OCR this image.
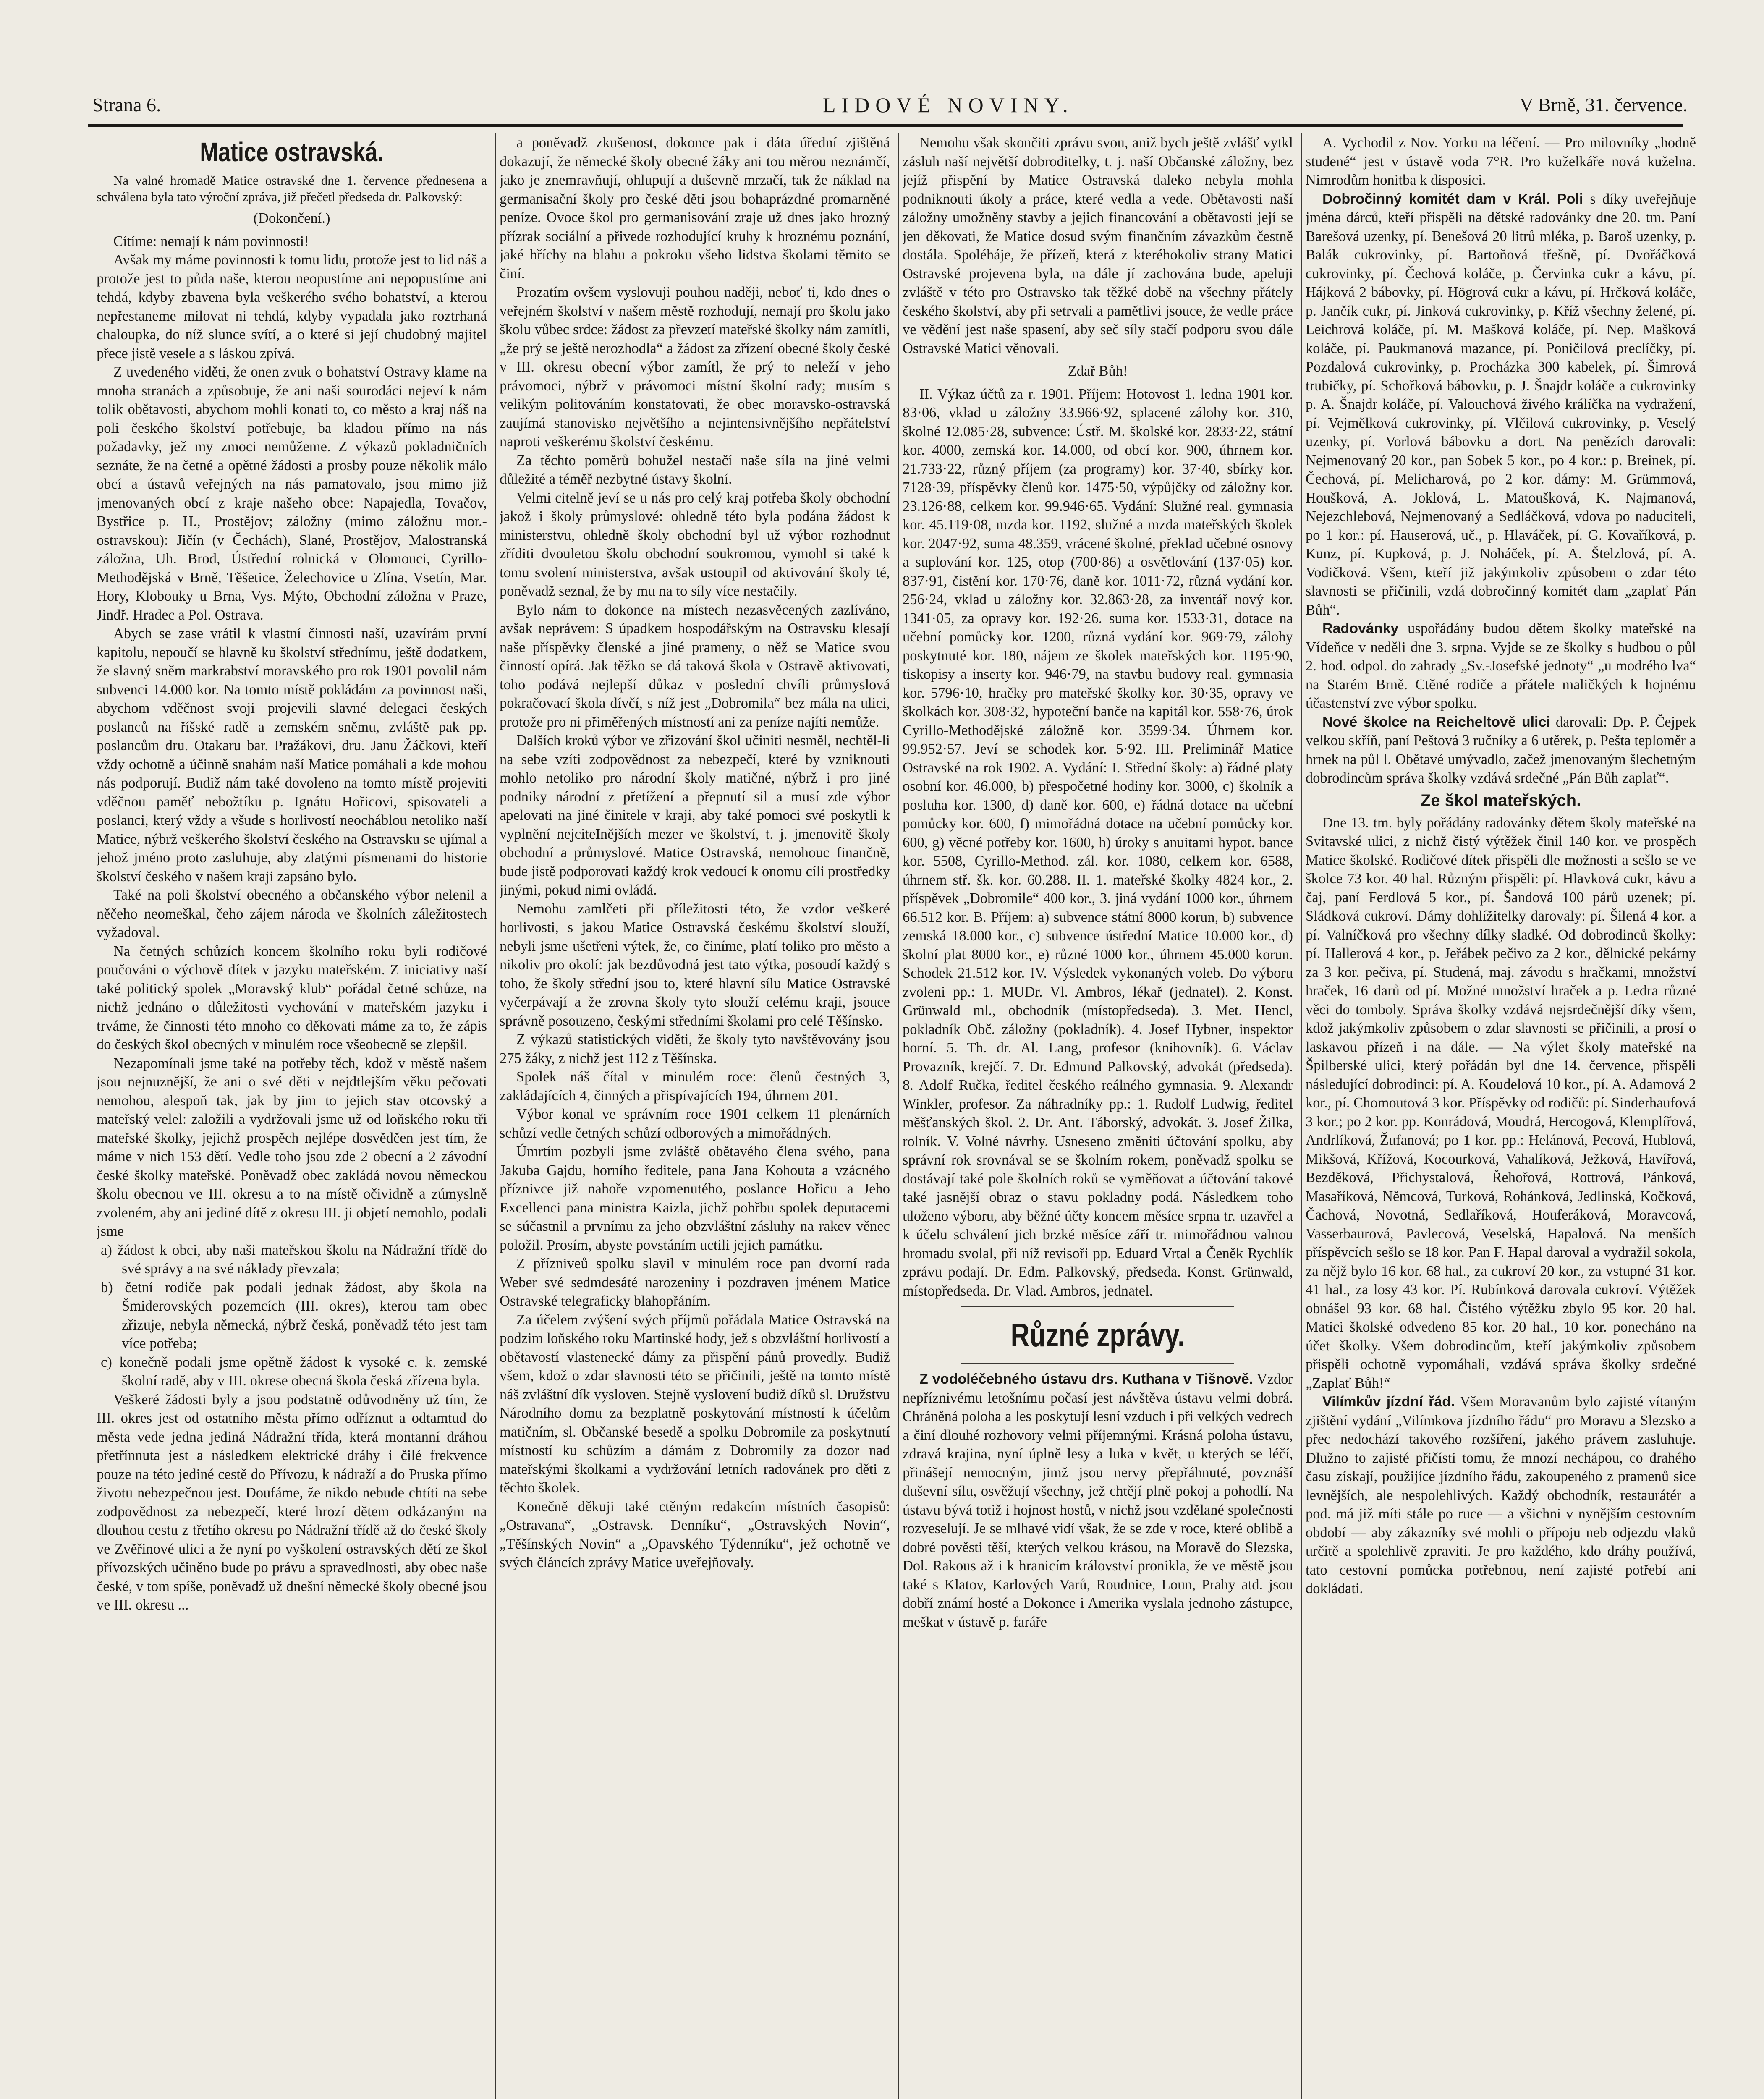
Strana 6.	LIDOVÉ NOVINY.	V Brně, 31. července.
Matice ostravská.

Na valné hromadě Matice ostravské dne 1. července přednesena a schválena byla tato výroční zpráva, již přečetl předseda dr. Palkovský:

(Dokončení.)

Cítíme: nemají k nám povinnosti!

Avšak my máme povinnosti k tomu lidu, protože jest to lid náš a protože jest to půda naše, kterou neopustíme ani nepopustíme ani tehdá, kdyby zbavena byla veškerého svého bohatství, a kterou nepřestaneme milovat ni tehdá, kdyby vypadala jako roztrhaná chaloupka, do níž slunce svítí, a o které si její chudobný majitel přece jistě vesele a s láskou zpívá.

Z uvedeného viděti, že onen zvuk o bohatství Ostravy klame na mnoha stranách a způsobuje, že ani naši sourodáci nejeví k nám tolik obětavosti, abychom mohli konati to, co město a kraj náš na poli českého školství potřebuje, ba kladou přímo na nás požadavky, jež my zmoci nemůžeme. Z výkazů pokladničních seznáte, že na četné a opětné žádosti a prosby pouze několik málo obcí a ústavů veřejných na nás pamatovalo, jsou mimo již jmenovaných obcí z kraje našeho obce: Napajedla, Tovačov, Bystřice p. H., Prostějov; záložny (mimo záložnu mor.-ostravskou): Jičín (v Čechách), Slané, Prostějov, Malostranská záložna, Uh. Brod, Ústřední rolnická v Olomouci, Cyrillo-Methodějská v Brně, Těšetice, Želechovice u Zlína, Vsetín, Mar. Hory, Klobouky u Brna, Vys. Mýto, Obchodní záložna v Praze, Jindř. Hradec a Pol. Ostrava.

Abych se zase vrátil k vlastní činnosti naší, uzavírám první kapitolu, nepoučí se hlavně ku školství střednímu, ještě dodatkem, že slavný sněm markrabství moravského pro rok 1901 povolil nám subvenci 14.000 kor. Na tomto místě pokládám za povinnost naši, abychom vděčnost svoji projevili slavné delegaci českých poslanců na říšské radě a zemském sněmu, zvláště pak pp. poslancům dru. Otakaru bar. Pražákovi, dru. Janu Žáčkovi, kteří vždy ochotně a účinně snahám naší Matice pomáhali a kde mohou nás podporují. Budiž nám také dovoleno na tomto místě projeviti vděčnou paměť nebožtíku p. Ignátu Hořicovi, spisovateli a poslanci, který vždy a všude s horlivostí neocháblou netoliko naší Matice, nýbrž veškerého školství českého na Ostravsku se ujímal a jehož jméno proto zasluhuje, aby zlatými písmenami do historie školství českého v našem kraji zapsáno bylo.

Také na poli školství obecného a občanského výbor nelenil a něčeho neomeškal, čeho zájem národa ve školních záležitostech vyžadoval.

Na četných schůzích koncem školního roku byli rodičové poučováni o výchově dítek v jazyku mateřském. Z iniciativy naší také politický spolek „Moravský klub“ pořádal četné schůze, na nichž jednáno o důležitosti vychování v mateřském jazyku i trváme, že činnosti této mnoho co děkovati máme za to, že zápis do českých škol obecných v minulém roce všeobecně se zlepšil.

Nezapomínali jsme také na potřeby těch, kdož v městě našem jsou nejnuznější, že ani o své děti v nejdtlejším věku pečovati nemohou, alespoň tak, jak by jim to jejich stav otcovský a mateřský velel: založili a vydržovali jsme už od loňského roku tři mateřské školky, jejichž prospěch nejlépe dosvědčen jest tím, že máme v nich 153 dětí. Vedle toho jsou zde 2 obecní a 2 závodní české školky mateřské. Poněvadž obec zakládá novou německou školu obecnou ve III. okresu a to na místě očividně a zúmyslně zvoleném, aby ani jediné dítě z okresu III. ji objetí nemohlo, podali jsme

a) žádost k obci, aby naši mateřskou školu na Nádražní třídě do své správy a na své náklady převzala;

b) četní rodiče pak podali jednak žádost, aby škola na Šmiderovských pozemcích (III. okres), kterou tam obec zřizuje, nebyla německá, nýbrž česká, poněvadž této jest tam více potřeba;

c) konečně podali jsme opětně žádost k vysoké c. k. zemské školní radě, aby v III. okrese obecná škola česká zřízena byla.

Veškeré žádosti byly a jsou podstatně odůvodněny už tím, že III. okres jest od ostatního města přímo odříznut a odtamtud do města vede jedna jediná Nádražní třída, která montanní dráhou přetřínnuta jest a následkem elektrické dráhy i čilé frekvence pouze na této jediné cestě do Přívozu, k nádraží a do Pruska přímo životu nebezpečnou jest. Doufáme, že nikdo nebude chtíti na sebe zodpovědnost za nebezpečí, které hrozí dětem odkázaným na dlouhou cestu z třetího okresu po Nádražní třídě až do české školy ve Zvěřinové ulici a že nyní po vyškolení ostravských dětí ze škol přívozských učiněno bude po právu a spravedlnosti, aby obec naše české, v tom spíše, poněvadž už dnešní německé školy obecné jsou ve III. okresu ...

a poněvadž zkušenost, dokonce pak i dáta úřední zjištěná dokazují, že německé školy obecné žáky ani tou měrou neznámčí, jako je znemravňují, ohlupují a duševně mrzačí, tak že náklad na germanisační školy pro české děti jsou bohaprázdné promarněné peníze. Ovoce škol pro germanisování zraje už dnes jako hrozný přízrak sociální a přivede rozhodující kruhy k hroznému poznání, jaké hříchy na blahu a pokroku všeho lidstva školami těmito se činí.

Prozatím ovšem vyslovuji pouhou naději, neboť ti, kdo dnes o veřejném školství v našem městě rozhodují, nemají pro školu jako školu vůbec srdce: žádost za převzetí mateřské školky nám zamítli, „že prý se ještě nerozhodla“ a žádost za zřízení obecné školy české v III. okresu obecní výbor zamítl, že prý to neleží v jeho právomoci, nýbrž v právomoci místní školní rady; musím s velikým politováním konstatovati, že obec moravsko-ostravská zaujímá stanovisko největšího a nejintensivnějšího nepřátelství naproti veškerému školství českému.

Za těchto poměrů bohužel nestačí naše síla na jiné velmi důležité a téměř nezbytné ústavy školní.

Velmi citelně jeví se u nás pro celý kraj potřeba školy obchodní jakož i školy průmyslové: ohledně této byla podána žádost k ministerstvu, ohledně školy obchodní byl už výbor rozhodnut zříditi dvouletou školu obchodní soukromou, vymohl si také k tomu svolení ministerstva, avšak ustoupil od aktivování školy té, poněvadž seznal, že by mu na to síly více nestačily.

Bylo nám to dokonce na místech nezasvěcených zazlíváno, avšak neprávem: S úpadkem hospodářským na Ostravsku klesají naše příspěvky členské a jiné prameny, o něž se Matice svou činností opírá. Jak těžko se dá taková škola v Ostravě aktivovati, toho podává nejlepší důkaz v poslední chvíli průmyslová pokračovací škola dívčí, s níž jest „Dobromila“ bez mála na ulici, protože pro ni přiměřených místností ani za peníze najíti nemůže.

Dalších kroků výbor ve zřizování škol učiniti nesměl, nechtěl-li na sebe vzíti zodpovědnost za nebezpečí, které by vzniknouti mohlo netoliko pro národní školy matičné, nýbrž i pro jiné podniky národní z přetížení a přepnutí sil a musí zde výbor apelovati na jiné činitele v kraji, aby také pomoci své poskytli k vyplnění nejciteInějších mezer ve školství, t. j. jmenovitě školy obchodní a průmyslové. Matice Ostravská, nemohouc finančně, bude jistě podporovati každý krok vedoucí k onomu cíli prostředky jinými, pokud nimi ovládá.

Nemohu zamlčeti při příležitosti této, že vzdor veškeré horlivosti, s jakou Matice Ostravská českému školství slouží, nebyli jsme ušetřeni výtek, že, co činíme, platí toliko pro město a nikoliv pro okolí: jak bezdůvodná jest tato výtka, posoudí každý s toho, že školy střední jsou to, které hlavní sílu Matice Ostravské vyčerpávají a že zrovna školy tyto slouží celému kraji, jsouce správně posouzeno, českými středními školami pro celé Těšínsko.

Z výkazů statistických viděti, že školy tyto navštěvovány jsou 275 žáky, z nichž jest 112 z Těšínska.

Spolek náš čítal v minulém roce: členů čestných 3, zakládajících 4, činných a přispívajících 194, úhrnem 201.

Výbor konal ve správním roce 1901 celkem 11 plenárních schůzí vedle četných schůzí odborových a mimořádných.

Úmrtím pozbyli jsme zvláště obětavého člena svého, pana Jakuba Gajdu, horního ředitele, pana Jana Kohouta a vzácného příznivce již nahoře vzpomenutého, poslance Hořicu a Jeho Excellenci pana ministra Kaizla, jichž pohřbu spolek deputacemi se súčastnil a prvnímu za jeho obzvláštní zásluhy na rakev věnec položil. Prosím, abyste povstáním uctili jejich památku.

Z přízniveů spolku slavil v minulém roce pan dvorní rada Weber své sedmdesáté narozeniny i pozdraven jménem Matice Ostravské telegraficky blahopřáním.

Za účelem zvýšení svých příjmů pořádala Matice Ostravská na podzim loňského roku Martinské hody, jež s obzvláštní horlivostí a obětavostí vlastenecké dámy za přispění pánů provedly. Budiž všem, kdož o zdar slavnosti této se přičinili, ještě na tomto místě náš zvláštní dík vysloven. Stejně vyslovení budiž díků sl. Družstvu Národního domu za bezplatně poskytování místností k účelům matičním, sl. Občanské besedě a spolku Dobromile za poskytnutí místností ku schůzím a dámám z Dobromily za dozor nad mateřskými školkami a vydržování letních radovánek pro děti z těchto školek.

Konečně děkuji také ctěným redakcím místních časopisů: „Ostravana“, „Ostravsk. Denníku“, „Ostravských Novin“, „Těšínských Novin“ a „Opavského Týdenníku“, jež ochotně ve svých článcích zprávy Matice uveřejňovaly.

Nemohu však skončiti zprávu svou, aniž bych ještě zvlášť vytkl zásluh naší největší dobroditelky, t. j. naší Občanské záložny, bez jejíž přispění by Matice Ostravská daleko nebyla mohla podniknouti úkoly a práce, které vedla a vede. Obětavosti naší záložny umožněny stavby a jejich financování a obětavosti její se jen děkovati, že Matice dosud svým finančním závazkům čestně dostála. Spoléháje, že přízeň, která z kteréhokoliv strany Matici Ostravské projevena byla, na dále jí zachována bude, apeluji zvláště v této pro Ostravsko tak těžké době na všechny přátely českého školství, aby při setrvali a pamětlivi jsouce, že vedle práce ve vědění jest naše spasení, aby seč síly stačí podporu svou dále Ostravské Matici věnovali.

Zdař Bůh!

II. Výkaz účtů za r. 1901. Příjem: Hotovost 1. ledna 1901 kor. 83·06, vklad u záložny 33.966·92, splacené zálohy kor. 310, školné 12.085·28, subvence: Ústř. M. školské kor. 2833·22, státní kor. 4000, zemská kor. 14.000, od obcí kor. 900, úhrnem kor. 21.733·22, různý příjem (za programy) kor. 37·40, sbírky kor. 7128·39, příspěvky členů kor. 1475·50, výpůjčky od záložny kor. 23.126·88, celkem kor. 99.946·65. Vydání: Služné real. gymnasia kor. 45.119·08, mzda kor. 1192, služné a mzda mateřských školek kor. 2047·92, suma 48.359, vrácené školné, překlad učebné osnovy a suplování kor. 125, otop (700·86) a osvětlování (137·05) kor. 837·91, čistění kor. 170·76, daně kor. 1011·72, různá vydání kor. 256·24, vklad u záložny kor. 32.863·28, za inventář nový kor. 1341·05, za opravy kor. 192·26. suma kor. 1533·31, dotace na učební pomůcky kor. 1200, různá vydání kor. 969·79, zálohy poskytnuté kor. 180, nájem ze školek mateřských kor. 1195·90, tiskopisy a inserty kor. 946·79, na stavbu budovy real. gymnasia kor. 5796·10, hračky pro mateřské školky kor. 30·35, opravy ve školkách kor. 308·32, hypoteční banče na kapitál kor. 558·76, úrok Cyrillo-Methodějské záložně kor. 3599·34. Úhrnem kor. 99.952·57. Jeví se schodek kor. 5·92. III. Preliminář Matice Ostravské na rok 1902. A. Vydání: I. Střední školy: a) řádné platy osobní kor. 46.000, b) přespočetné hodiny kor. 3000, c) školník a posluha kor. 1300, d) daně kor. 600, e) řádná dotace na učební pomůcky kor. 600, f) mimořádná dotace na učební pomůcky kor. 600, g) věcné potřeby kor. 1600, h) úroky s anuitami hypot. bance kor. 5508, Cyrillo-Method. zál. kor. 1080, celkem kor. 6588, úhrnem stř. šk. kor. 60.288. II. 1. mateřské školky 4824 kor., 2. příspěvek „Dobromile“ 400 kor., 3. jiná vydání 1000 kor., úhrnem 66.512 kor. B. Příjem: a) subvence státní 8000 korun, b) subvence zemská 18.000 kor., c) subvence ústřední Matice 10.000 kor., d) školní plat 8000 kor., e) různé 1000 kor., úhrnem 45.000 korun. Schodek 21.512 kor. IV. Výsledek vykonaných voleb. Do výboru zvoleni pp.: 1. MUDr. Vl. Ambros, lékař (jednatel). 2. Konst. Grünwald ml., obchodník (místopředseda). 3. Met. Hencl, pokladník Obč. záložny (pokladník). 4. Josef Hybner, inspektor horní. 5. Th. dr. Al. Lang, profesor (knihovník). 6. Václav Provazník, krejčí. 7. Dr. Edmund Palkovský, advokát (předseda). 8. Adolf Ručka, ředitel českého reálného gymnasia. 9. Alexandr Winkler, profesor. Za náhradníky pp.: 1. Rudolf Ludwig, ředitel měšťanských škol. 2. Dr. Ant. Táborský, advokát. 3. Josef Žilka, rolník. V. Volné návrhy. Usneseno změniti účtování spolku, aby správní rok srovnával se se školním rokem, poněvadž spolku se dostávají také pole školních roků se vyměňovat a účtování takové také jasnější obraz o stavu pokladny podá. Následkem toho uloženo výboru, aby běžné účty koncem měsíce srpna tr. uzavřel a k účelu schválení jich brzké měsíce září tr. mimořádnou valnou hromadu svolal, při níž revisoři pp. Eduard Vrtal a Čeněk Rychlík zprávu podají. Dr. Edm. Palkovský, předseda. Konst. Grünwald, místopředseda. Dr. Vlad. Ambros, jednatel.

Různé zprávy.

Z vodoléčebného ústavu drs. Kuthana v Tišnově. Vzdor nepříznivému letošnímu počasí jest návštěva ústavu velmi dobrá. Chráněná poloha a les poskytují lesní vzduch i při velkých vedrech a činí dlouhé rozhovory velmi příjemnými. Krásná poloha ústavu, zdravá krajina, nyní úplně lesy a luka v květ, u kterých se léčí, přinášejí nemocným, jimž jsou nervy přepřáhnuté, povznáší duševní sílu, osvěžují všechny, jež chtějí plně pokoj a pohodlí. Na ústavu bývá totiž i hojnost hostů, v nichž jsou vzdělané společnosti rozveselují. Je se mlhavé vidí však, že se zde v roce, které oblibě a dobré pověsti těší, kterých velkou krásou, na Moravě do Slezska, Dol. Rakous až i k hranicím království pronikla, že ve městě jsou také s Klatov, Karlových Varů, Roudnice, Loun, Prahy atd. jsou dobří známí hosté a Dokonce i Amerika vyslala jednoho zástupce, meškat v ústavě p. faráře

A. Vychodil z Nov. Yorku na léčení. — Pro milovníky „hodně studené“ jest v ústavě voda 7°R. Pro kuželkáře nová kuželna. Nimrodům honitba k disposici.

Dobročinný komitét dam v Král. Poli s díky uveřejňuje jména dárců, kteří přispěli na dětské radovánky dne 20. tm. Paní Barešová uzenky, pí. Benešová 20 litrů mléka, p. Baroš uzenky, p. Balák cukrovinky, pí. Bartoňová třešně, pí. Dvořáčková cukrovinky, pí. Čechová koláče, p. Červinka cukr a kávu, pí. Hájková 2 bábovky, pí. Högrová cukr a kávu, pí. Hrčková koláče, p. Jančík cukr, pí. Jinková cukrovinky, p. Kříž všechny želené, pí. Leichrová koláče, pí. M. Mašková koláče, pí. Nep. Mašková koláče, pí. Paukmanová mazance, pí. Poničilová preclíčky, pí. Pozdalová cukrovinky, p. Procházka 300 kabelek, pí. Šimrová trubičky, pí. Schořková bábovku, p. J. Šnajdr koláče a cukrovinky p. A. Šnajdr koláče, pí. Valouchová živého králíčka na vydražení, pí. Vejmělková cukrovinky, pí. Vlčilová cukrovinky, p. Veselý uzenky, pí. Vorlová bábovku a dort. Na penězích darovali: Nejmenovaný 20 kor., pan Sobek 5 kor., po 4 kor.: p. Breinek, pí. Čechová, pí. Melicharová, po 2 kor. dámy: M. Grümmová, Houšková, A. Joklová, L. Matoušková, K. Najmanová, Nejezchlebová, Nejmenovaný a Sedláčková, vdova po naduciteli, po 1 kor.: pí. Hauserová, uč., p. Hlaváček, pí. G. Kovaříková, p. Kunz, pí. Kupková, p. J. Noháček, pí. A. Štelzlová, pí. A. Vodičková. Všem, kteří již jakýmkoliv způsobem o zdar této slavnosti se přičinili, vzdá dobročinný komitét dam „zaplať Pán Bůh“.

Radovánky uspořádány budou dětem školky mateřské na Vídeňce v neděli dne 3. srpna. Vyjde se ze školky s hudbou o půl 2. hod. odpol. do zahrady „Sv.-Josefské jednoty“ „u modrého lva“ na Starém Brně. Ctěné rodiče a přátele maličkých k hojnému účastenství zve výbor spolku.

Nové školce na Reicheltově ulici darovali: Dp. P. Čejpek velkou skříň, paní Peštová 3 ručníky a 6 utěrek, p. Pešta teploměr a hrnek na půl l. Obětavé umývadlo, začež jmenovaným šlechetným dobrodincům správa školky vzdává srdečné „Pán Bůh zaplať“.

Ze škol mateřských.

Dne 13. tm. byly pořádány radovánky dětem školy mateřské na Svitavské ulici, z nichž čistý výtěžek činil 140 kor. ve prospěch Matice školské. Rodičové dítek přispěli dle možnosti a sešlo se ve školce 73 kor. 40 hal. Různým přispěli: pí. Hlavková cukr, kávu a čaj, paní Ferdlová 5 kor., pí. Šandová 100 párů uzenek; pí. Sládková cukroví. Dámy dohlížitelky darovaly: pí. Šilená 4 kor. a pí. Valníčková pro všechny dílky sladké. Od dobrodinců školky: pí. Hallerová 4 kor., p. Jeřábek pečivo za 2 kor., dělnické pekárny za 3 kor. pečiva, pí. Studená, maj. závodu s hračkami, množství hraček, 16 darů od pí. Možné množství hraček a p. Ledra různé věci do tomboly. Správa školky vzdává nejsrdečnější díky všem, kdož jakýmkoliv způsobem o zdar slavnosti se přičinili, a prosí o laskavou přízeň i na dále. — Na výlet školy mateřské na Špilberské ulici, který pořádán byl dne 14. července, přispěli následující dobrodinci: pí. A. Koudelová 10 kor., pí. A. Adamová 2 kor., pí. Chomoutová 3 kor. Příspěvky od rodičů: pí. Sinderhaufová 3 kor.; po 2 kor. pp. Konrádová, Moudrá, Hercogová, Klemplířová, Andrlíková, Žufanová; po 1 kor. pp.: Helánová, Pecová, Hublová, Mikšová, Křížová, Kocourková, Vahalíková, Ježková, Havířová, Bezděková, Přichystalová, Řehořová, Rottrová, Pánková, Masaříková, Němcová, Turková, Rohánková, Jedlinská, Kočková, Čachová, Novotná, Sedlaříková, Houferáková, Moravcová, Vasserbaurová, Pavlecová, Veselská, Hapalová. Na menších příspěvcích sešlo se 18 kor. Pan F. Hapal daroval a vydražil sokola, za nějž bylo 16 kor. 68 hal., za cukroví 20 kor., za vstupné 31 kor. 41 hal., za losy 43 kor. Pí. Rubínková darovala cukroví. Výtěžek obnášel 93 kor. 68 hal. Čistého výtěžku zbylo 95 kor. 20 hal. Matici školské odvedeno 85 kor. 20 hal., 10 kor. ponecháno na účet školky. Všem dobrodincům, kteří jakýmkoliv způsobem přispěli ochotně vypomáhali, vzdává správa školky srdečné „Zaplať Bůh!“

Vilímkův jízdní řád. Všem Moravanům bylo zajisté vítaným zjištění vydání „Vilímkova jízdního řádu“ pro Moravu a Slezsko a přec nedochází takového rozšíření, jakého právem zasluhuje. Dlužno to zajisté přičísti tomu, že mnozí nechápou, co drahého času získají, použijíce jízdního řádu, zakoupeného z pramenů sice levnějších, ale nespolehlivých. Každý obchodník, restaurátér a pod. má již míti stále po ruce — a všichni v nynějším cestovním období — aby zákazníky své mohli o přípoju neb odjezdu vlaků určitě a spolehlivě zpraviti. Je pro každého, kdo dráhy používá, tato cestovní pomůcka potřebnou, není zajisté potřebí ani dokládati.
